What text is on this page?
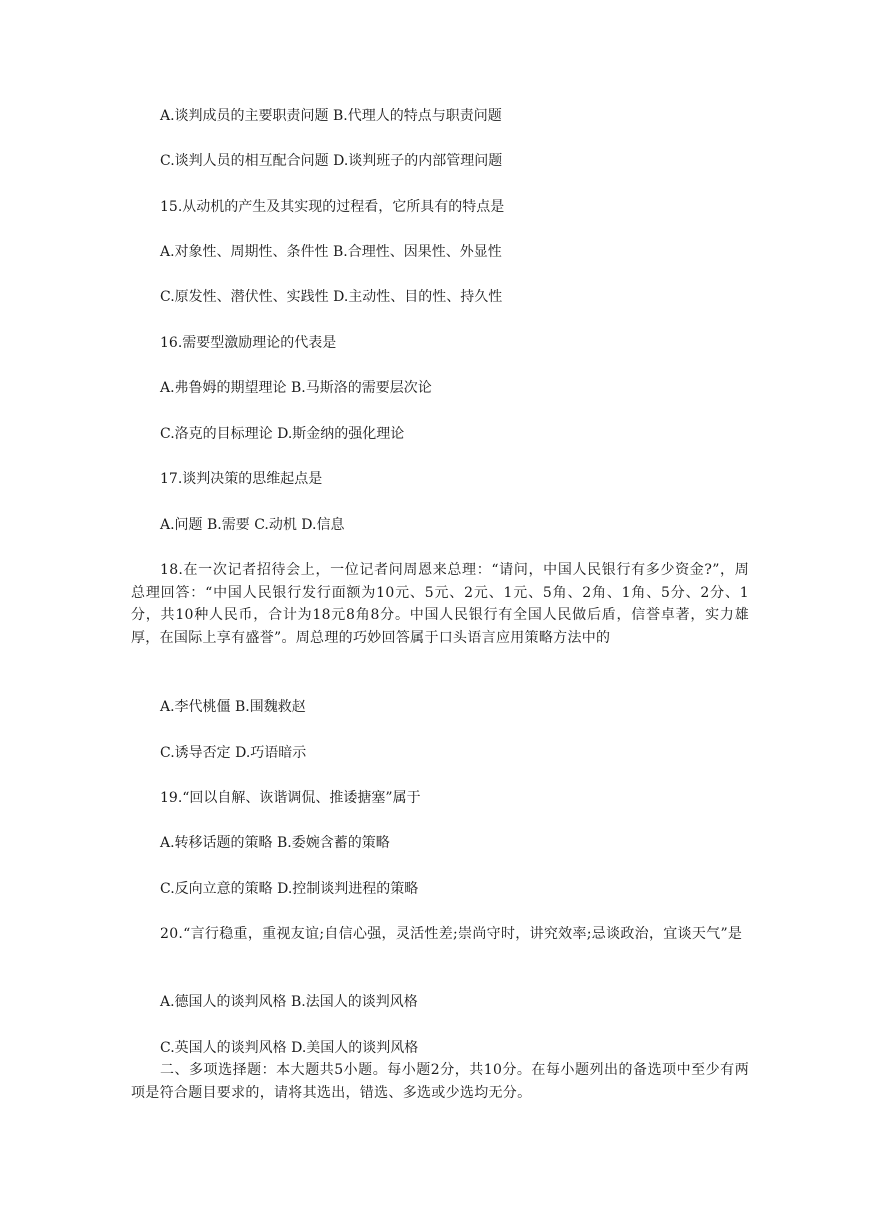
A.谈判成员的主要职责问题 B.代理人的特点与职责问题
C.谈判人员的相互配合问题 D.谈判班子的内部管理问题
15.从动机的产生及其实现的过程看，它所具有的特点是
A.对象性、周期性、条件性 B.合理性、因果性、外显性
C.原发性、潜伏性、实践性 D.主动性、目的性、持久性
16.需要型激励理论的代表是
A.弗鲁姆的期望理论 B.马斯洛的需要层次论
C.洛克的目标理论 D.斯金纳的强化理论
17.谈判决策的思维起点是
A.问题 B.需要 C.动机 D.信息
18.在一次记者招待会上，一位记者问周恩来总理：“请问，中国人民银行有多少资金?”，周总理回答：“中国人民银行发行面额为10元、5元、2元、1元、5角、2角、1角、5分、2分、1分，共10种人民币，合计为18元8角8分。中国人民银行有全国人民做后盾，信誉卓著，实力雄厚，在国际上享有盛誉”。周总理的巧妙回答属于口头语言应用策略方法中的
A.李代桃僵 B.围魏救赵
C.诱导否定 D.巧语暗示
19.“回以自解、诙谐调侃、推诿搪塞”属于
A.转移话题的策略 B.委婉含蓄的策略
C.反向立意的策略 D.控制谈判进程的策略
20.“言行稳重，重视友谊;自信心强，灵活性差;崇尚守时，讲究效率;忌谈政治，宜谈天气”是
A.德国人的谈判风格 B.法国人的谈判风格
C.英国人的谈判风格 D.美国人的谈判风格
二、多项选择题：本大题共5小题。每小题2分，共10分。在每小题列出的备选项中至少有两项是符合题目要求的，请将其选出，错选、多选或少选均无分。
